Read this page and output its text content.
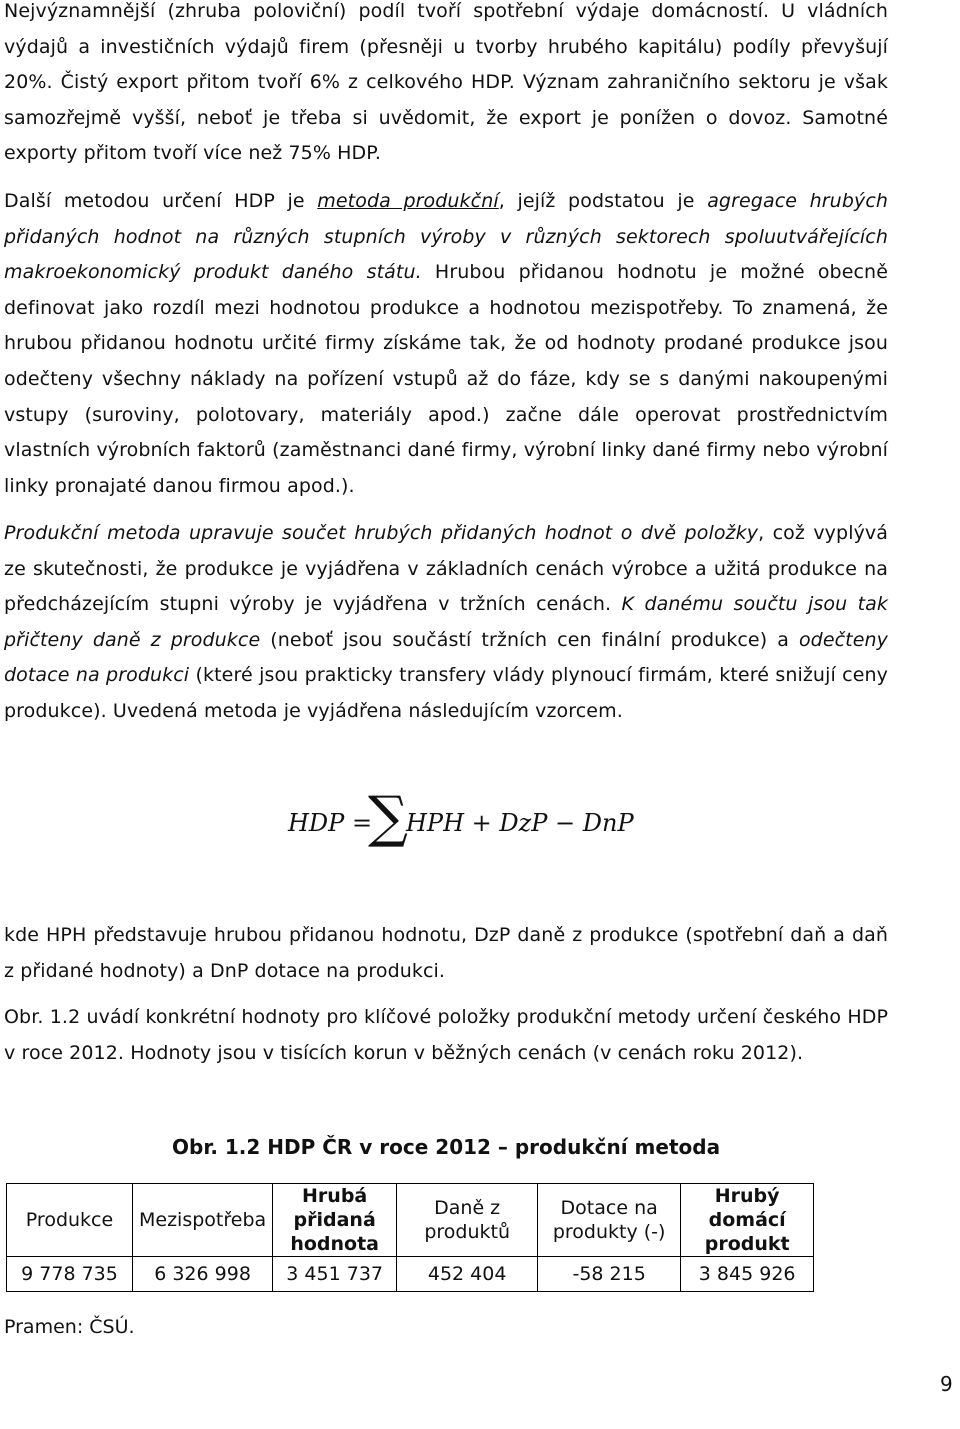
Nejvýznamnější (zhruba poloviční) podíl tvoří spotřební výdaje domácností. U vládních výdajů a investičních výdajů firem (přesněji u tvorby hrubého kapitálu) podíly převyšují 20%. Čistý export přitom tvoří 6% z celkového HDP. Význam zahraničního sektoru je však samozřejmě vyšší, neboť je třeba si uvědomit, že export je ponížen o dovoz. Samotné exporty přitom tvoří více než 75% HDP.

Další metodou určení HDP je metoda produkční, jejíž podstatou je agregace hrubých přidaných hodnot na různých stupních výroby v různých sektorech spoluutvářejících makroekonomický produkt daného státu. Hrubou přidanou hodnotu je možné obecně definovat jako rozdíl mezi hodnotou produkce a hodnotou mezispotřeby. To znamená, že hrubou přidanou hodnotu určité firmy získáme tak, že od hodnoty prodané produkce jsou odečteny všechny náklady na pořízení vstupů až do fáze, kdy se s danými nakoupenými vstupy (suroviny, polotovary, materiály apod.) začne dále operovat prostřednictvím vlastních výrobních faktorů (zaměstnanci dané firmy, výrobní linky dané firmy nebo výrobní linky pronajaté danou firmou apod.).

Produkční metoda upravuje součet hrubých přidaných hodnot o dvě položky, což vyplývá ze skutečnosti, že produkce je vyjádřena v základních cenách výrobce a užitá produkce na předcházejícím stupni výroby je vyjádřena v tržních cenách. K danému součtu jsou tak přičteny daně z produkce (neboť jsou součástí tržních cen finální produkce) a odečteny dotace na produkci (které jsou prakticky transfery vlády plynoucí firmám, které snižují ceny produkce). Uvedená metoda je vyjádřena následujícím vzorcem.

HDP =
∑
HPH + DzP − DnP

kde HPH představuje hrubou přidanou hodnotu, DzP daně z produkce (spotřební daň a daň z přidané hodnoty) a DnP dotace na produkci.

Obr. 1.2 uvádí konkrétní hodnoty pro klíčové položky produkční metody určení českého HDP v roce 2012. Hodnoty jsou v tisících korun v běžných cenách (v cenách roku 2012).

Obr. 1.2 HDP ČR v roce 2012 – produkční metoda
Produkce	Mezispotřeba	Hrubá
přidaná
hodnota	Daně z
produktů	Dotace na
produkty (-)	Hrubý
domácí
produkt
9 778 735	6 326 998	3 451 737	452 404	-58 215	3 845 926
Pramen: ČSÚ.
9
